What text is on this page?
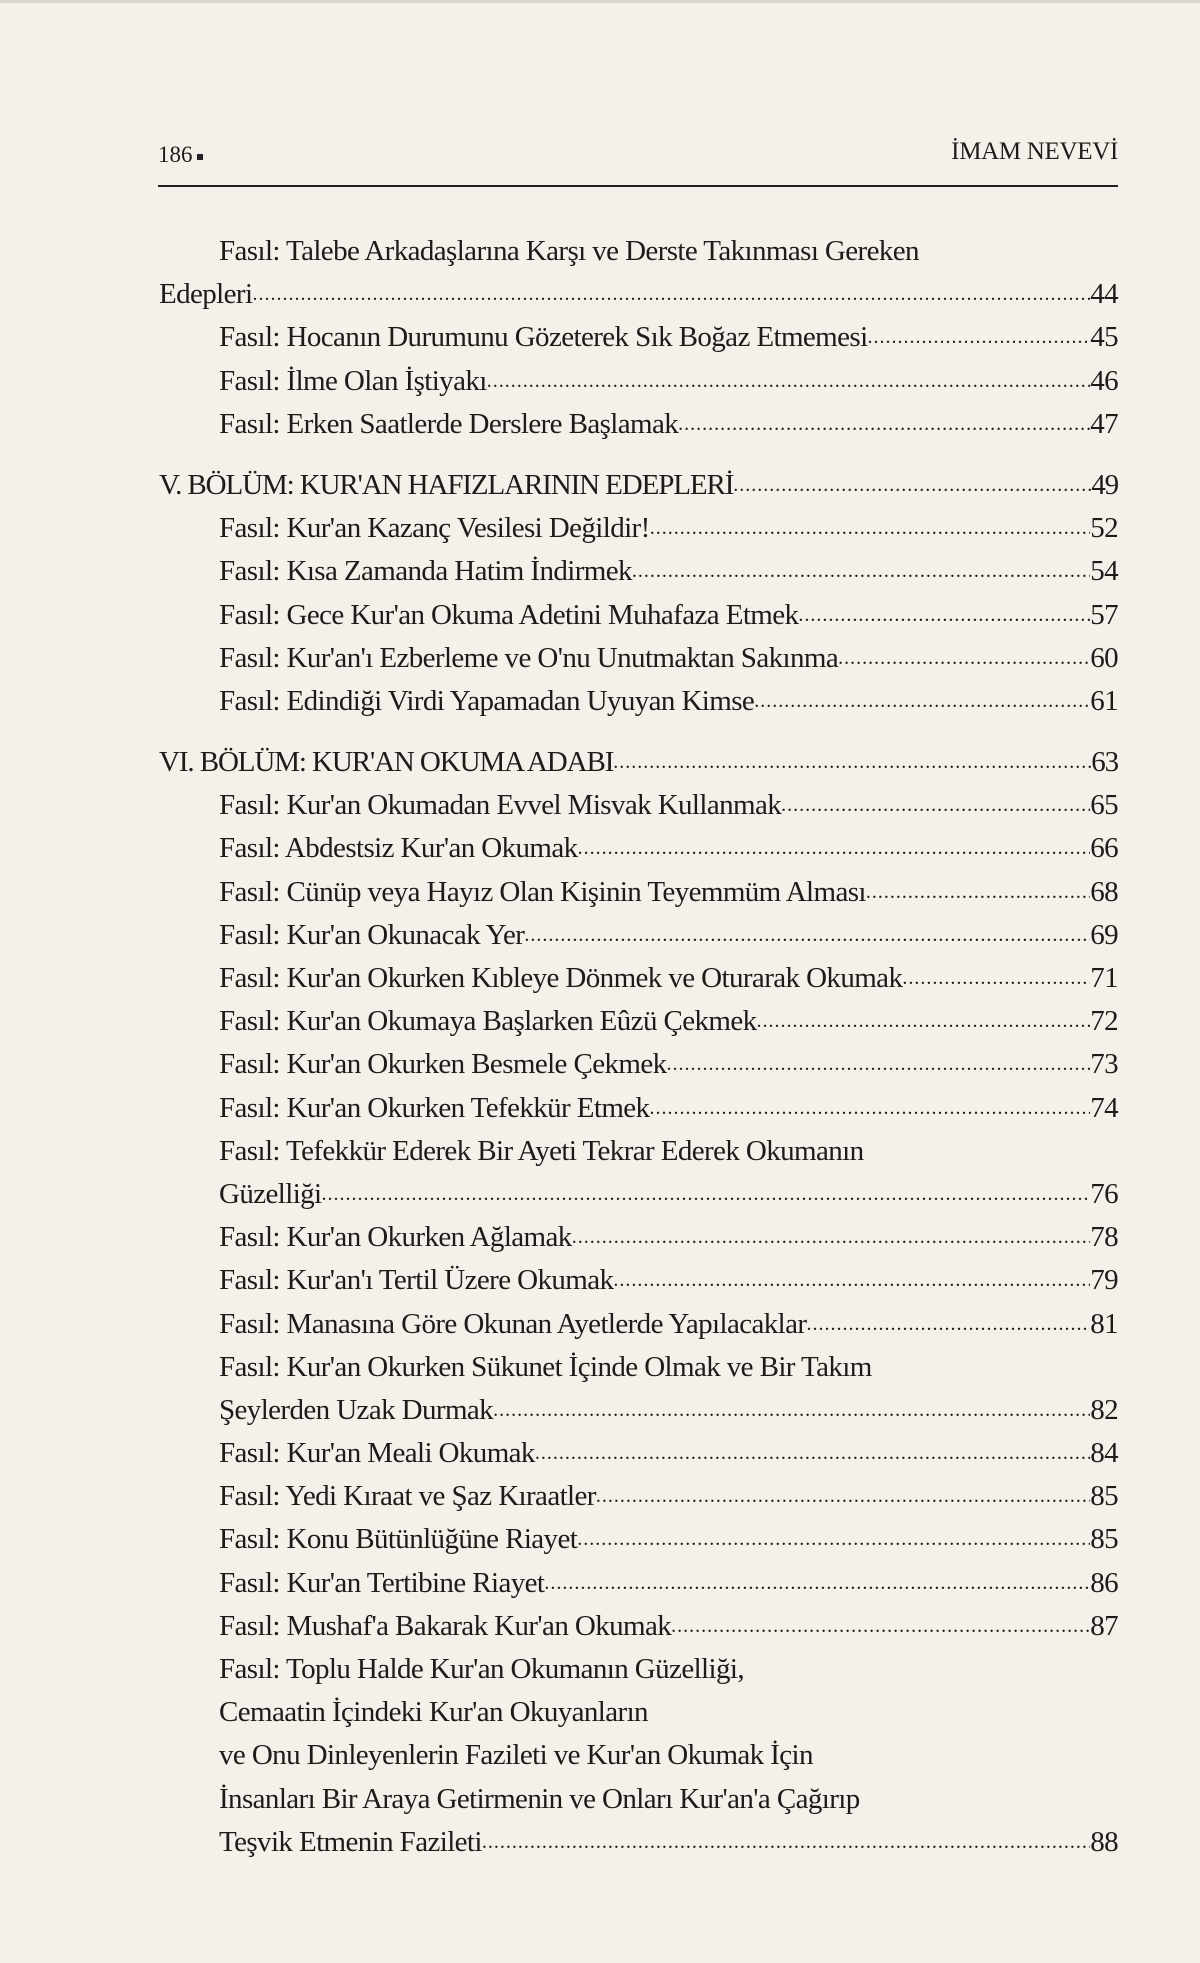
186	İMAM NEVEVİ
Fasıl: Talebe Arkadaşlarına Karşı ve Derste Takınması Gereken
Edepleri .....	44
Fasıl: Hocanın Durumunu Gözeterek Sık Boğaz Etmemesi .....	45
Fasıl: İlme Olan İştiyakı .....	46
Fasıl: Erken Saatlerde Derslere Başlamak .....	47
V. BÖLÜM: KUR'AN HAFIZLARININ EDEPLERİ .....	49
Fasıl: Kur'an Kazanç Vesilesi Değildir! .....	52
Fasıl: Kısa Zamanda Hatim İndirmek .....	54
Fasıl: Gece Kur'an Okuma Adetini Muhafaza Etmek .....	57
Fasıl: Kur'an'ı Ezberleme ve O'nu Unutmaktan Sakınma .....	60
Fasıl: Edindiği Virdi Yapamadan Uyuyan Kimse .....	61
VI. BÖLÜM: KUR'AN OKUMA ADABI .....	63
Fasıl: Kur'an Okumadan Evvel Misvak Kullanmak .....	65
Fasıl: Abdestsiz Kur'an Okumak .....	66
Fasıl: Cünüp veya Hayız Olan Kişinin Teyemmüm Alması .....	68
Fasıl: Kur'an Okunacak Yer .....	69
Fasıl: Kur'an Okurken Kıbleye Dönmek ve Oturarak Okumak .....	71
Fasıl: Kur'an Okumaya Başlarken Eûzü Çekmek .....	72
Fasıl: Kur'an Okurken Besmele Çekmek .....	73
Fasıl: Kur'an Okurken Tefekkür Etmek .....	74
Fasıl: Tefekkür Ederek Bir Ayeti Tekrar Ederek Okumanın
Güzelliği .....	76
Fasıl: Kur'an Okurken Ağlamak .....	78
Fasıl: Kur'an'ı Tertil Üzere Okumak .....	79
Fasıl: Manasına Göre Okunan Ayetlerde Yapılacaklar .....	81
Fasıl: Kur'an Okurken Sükunet İçinde Olmak ve Bir Takım
Şeylerden Uzak Durmak .....	82
Fasıl: Kur'an Meali Okumak .....	84
Fasıl: Yedi Kıraat ve Şaz Kıraatler .....	85
Fasıl: Konu Bütünlüğüne Riayet .....	85
Fasıl: Kur'an Tertibine Riayet .....	86
Fasıl: Mushaf'a Bakarak Kur'an Okumak .....	87
Fasıl: Toplu Halde Kur'an Okumanın Güzelliği,
Cemaatin İçindeki Kur'an Okuyanların
ve Onu Dinleyenlerin Fazileti ve Kur'an Okumak İçin
İnsanları Bir Araya Getirmenin ve Onları Kur'an'a Çağırıp
Teşvik Etmenin Fazileti .....	88
